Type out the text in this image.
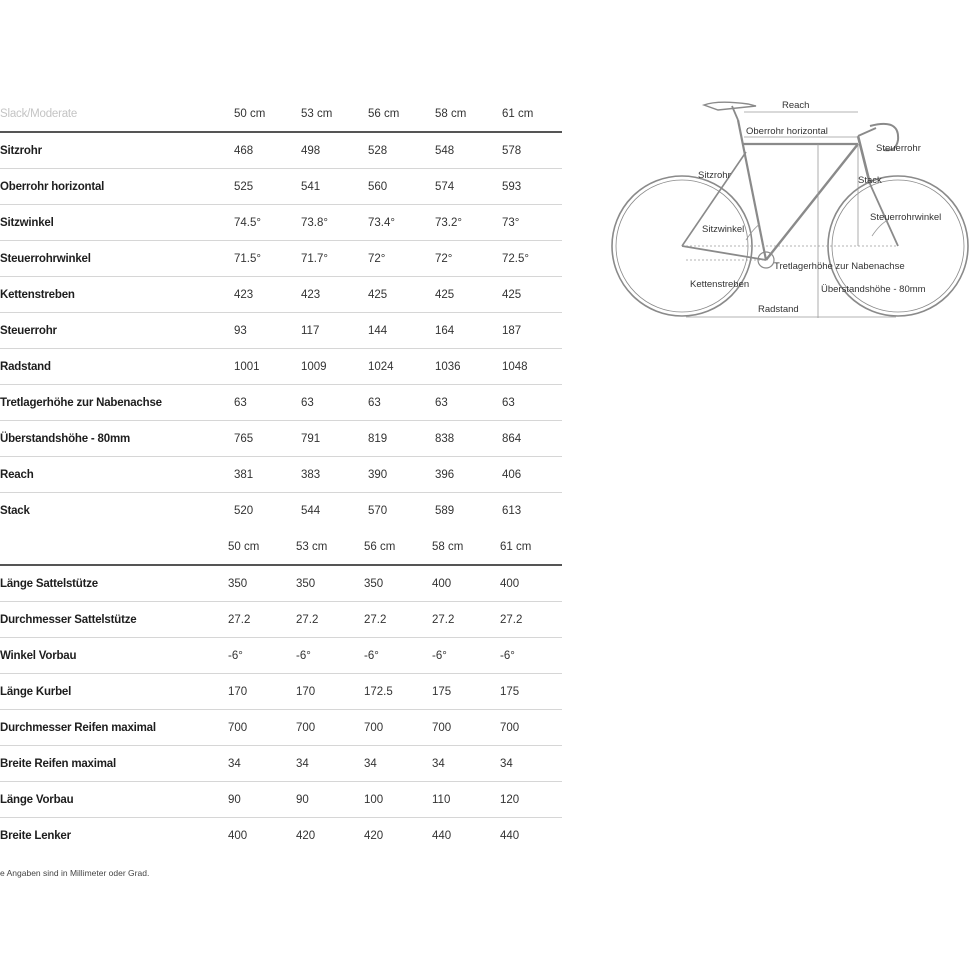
Slack/Moderate	50 cm	53 cm	56 cm	58 cm	61 cm
Sitzrohr	468	498	528	548	578
Oberrohr horizontal	525	541	560	574	593
Sitzwinkel	74.5°	73.8°	73.4°	73.2°	73°
Steuerrohrwinkel	71.5°	71.7°	72°	72°	72.5°
Kettenstreben	423	423	425	425	425
Steuerrohr	93	117	144	164	187
Radstand	1001	1009	1024	1036	1048
Tretlagerhöhe zur Nabenachse	63	63	63	63	63
Überstandshöhe - 80mm	765	791	819	838	864
Reach	381	383	390	396	406
Stack	520	544	570	589	613
50 cm	53 cm	56 cm	58 cm	61 cm
Länge Sattelstütze	350	350	350	400	400
Durchmesser Sattelstütze	27.2	27.2	27.2	27.2	27.2
Winkel Vorbau	-6°	-6°	-6°	-6°	-6°
Länge Kurbel	170	170	172.5	175	175
Durchmesser Reifen maximal	700	700	700	700	700
Breite Reifen maximal	34	34	34	34	34
Länge Vorbau	90	90	100	110	120
Breite Lenker	400	420	420	440	440
e Angaben sind in Millimeter oder Grad.
Reach
Oberrohr horizontal
Steuerrohr
Sitzrohr	Stack
Steuerrohrwinkel
Sitzwinkel
Tretlagerhöhe zur Nabenachse
Kettenstreben	Überstandshöhe - 80mm
Radstand
